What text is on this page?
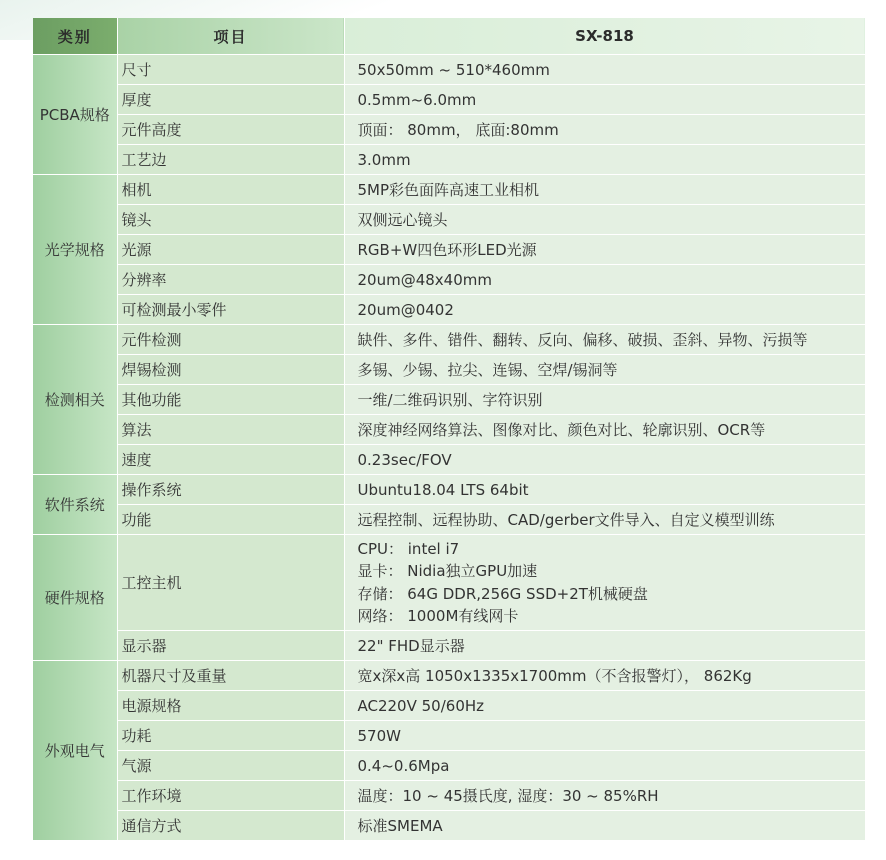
类别	项目	SX-818
PCBA规格	尺寸	50x50mm ~ 510*460mm
	厚度	0.5mm~6.0mm
	元件高度	顶面： 80mm， 底面:80mm
	工艺边	3.0mm
光学规格	相机	5MP彩色面阵高速工业相机
	镜头	双侧远心镜头
	光源	RGB+W四色环形LED光源
	分辨率	20um@48x40mm
	可检测最小零件	20um@0402
检测相关	元件检测	缺件、多件、错件、翻转、反向、偏移、破损、歪斜、异物、污损等
	焊锡检测	多锡、少锡、拉尖、连锡、空焊/锡洞等
	其他功能	一维/二维码识别、字符识别
	算法	深度神经网络算法、图像对比、颜色对比、轮廓识别、OCR等
	速度	0.23sec/FOV
软件系统	操作系统	Ubuntu18.04 LTS 64bit
	功能	远程控制、远程协助、CAD/gerber文件导入、自定义模型训练
硬件规格	工控主机	CPU： intel i7
显卡： Nidia独立GPU加速
存储： 64G DDR,256G SSD+2T机械硬盘
网络： 1000M有线网卡

	显示器	22" FHD显示器
外观电气	机器尺寸及重量	宽x深x高 1050x1335x1700mm（不含报警灯）， 862Kg
	电源规格	AC220V 50/60Hz
	功耗	570W
	气源	0.4~0.6Mpa
	工作环境	温度：10 ~ 45摄氏度, 湿度：30 ~ 85%RH
	通信方式	标准SMEMA
